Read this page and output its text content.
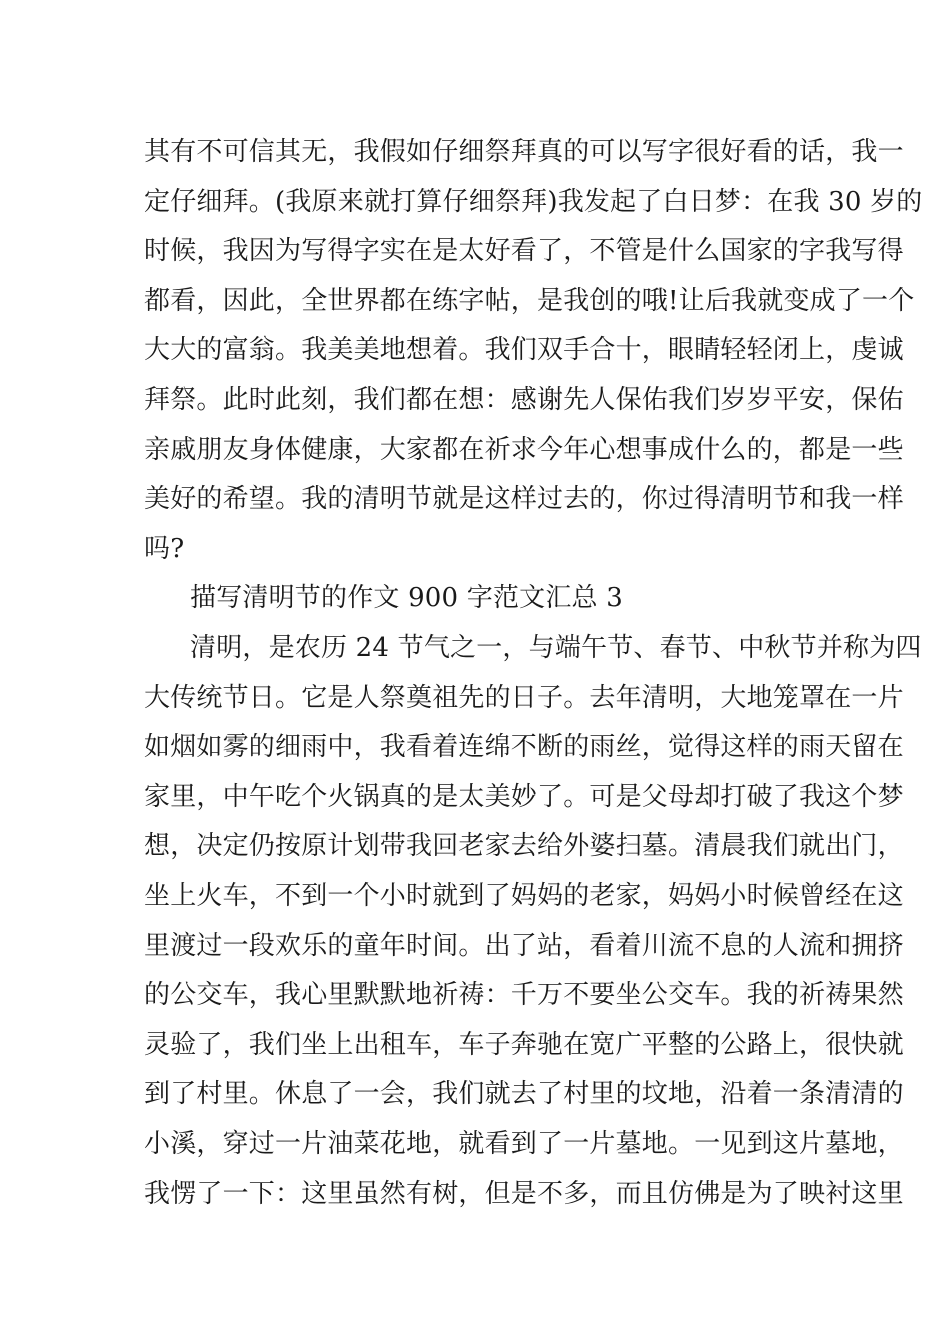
其有不可信其无，我假如仔细祭拜真的可以写字很好看的话，我一
定仔细拜。(我原来就打算仔细祭拜)我发起了白日梦：在我 30 岁的
时候，我因为写得字实在是太好看了，不管是什么国家的字我写得
都看，因此，全世界都在练字帖，是我创的哦!让后我就变成了一个
大大的富翁。我美美地想着。我们双手合十，眼睛轻轻闭上，虔诚
拜祭。此时此刻，我们都在想：感谢先人保佑我们岁岁平安，保佑
亲戚朋友身体健康，大家都在祈求今年心想事成什么的，都是一些
美好的希望。我的清明节就是这样过去的，你过得清明节和我一样
吗?
描写清明节的作文 900 字范文汇总 3
清明，是农历 24 节气之一，与端午节、春节、中秋节并称为四
大传统节日。它是人祭奠祖先的日子。去年清明，大地笼罩在一片
如烟如雾的细雨中，我看着连绵不断的雨丝，觉得这样的雨天留在
家里，中午吃个火锅真的是太美妙了。可是父母却打破了我这个梦
想，决定仍按原计划带我回老家去给外婆扫墓。清晨我们就出门，
坐上火车，不到一个小时就到了妈妈的老家，妈妈小时候曾经在这
里渡过一段欢乐的童年时间。出了站，看着川流不息的人流和拥挤
的公交车，我心里默默地祈祷：千万不要坐公交车。我的祈祷果然
灵验了，我们坐上出租车，车子奔驰在宽广平整的公路上，很快就
到了村里。休息了一会，我们就去了村里的坟地，沿着一条清清的
小溪，穿过一片油菜花地，就看到了一片墓地。一见到这片墓地，
我愣了一下：这里虽然有树，但是不多，而且仿佛是为了映衬这里
